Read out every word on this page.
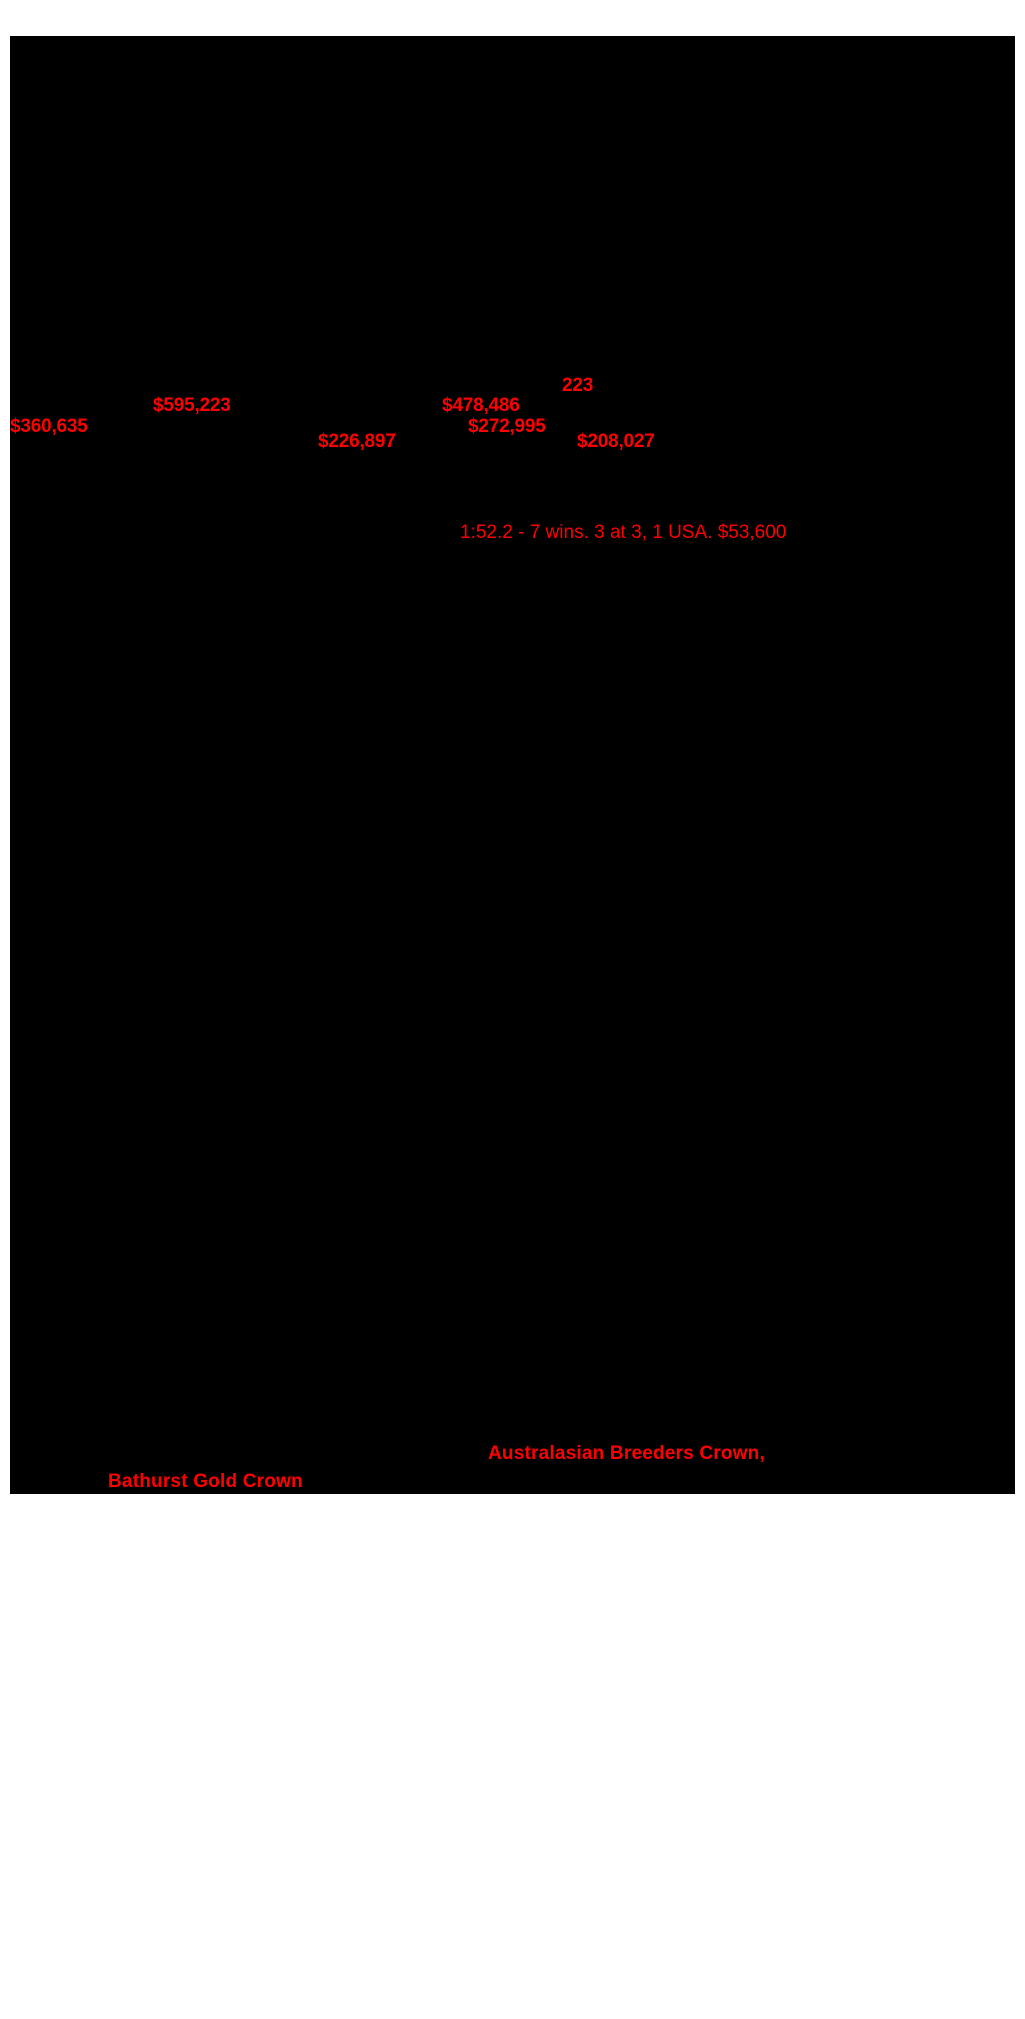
$360,635
$595,223
$226,897
$478,486
$272,995
223
$208,027
1:52.2 - 7 wins. 3 at 3, 1 USA. $53,600
Bathurst Gold Crown
Australasian Breeders Crown,
